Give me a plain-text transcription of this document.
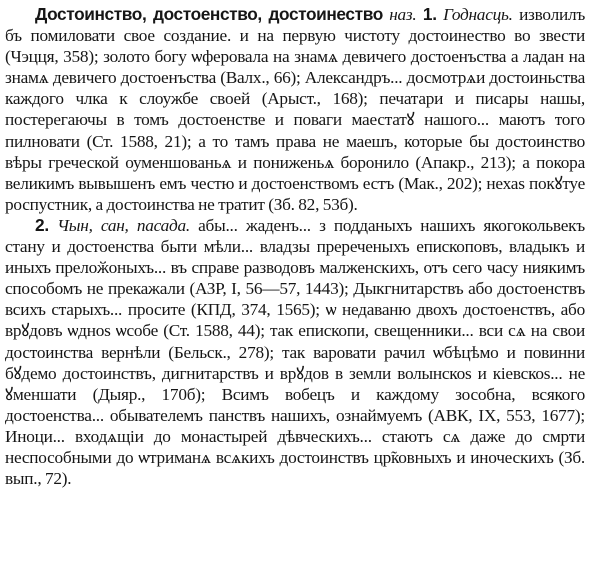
Достоинство, достоенство, достоинество наз. 1. Годнасць. изволилъ бъ помиловати свое создание. и на первую чистоту достоинество во звести (Чэцця, 358); золото богу ѡферовала на знамѧ девичего достоенъства а ладан на знамѧ девичего достоенъства (Валх., 66); Александръ... досмотрѧи достоиньства каждого члка к слоужбе своей (Арыст., 168); печатари и писары нашы, постерегаючы в томъ достоенстве и поваги маестатꙋ нашого... маютъ того пилновати (Ст. 1588, 21); а то тамъ права не маешъ, которые бы достоинство вѣры греческой оуменшованьѧ и пониженьѧ боронило (Апакр., 213); а покора великимъ вывышенъ емъ честю и достоенствомъ естъ (Мак., 202); нехаs покꙋтуе роспустник, а достоинства не тратит (Зб. 82, 53б).

2. Чын, сан, пасада. абы... жаденъ... з подданыхъ нашихъ якогокольвекъ стану и достоенства быти мѣли... владзы пререченыхъ епископовъ, владыкъ и иныхъ прелоӂоныхъ... въ справе разводовъ малженскихъ, отъ сего часу ниякимъ способомъ не прекажали (АЗР, I, 56—57, 1443); Дыкгнитарствъ або достоенствъ всихъ старыхъ... просите (КПД, 374, 1565); ѡ недаваню двохъ достоенствъ, або врꙋдовъ ѡдноs ѡсобе (Ст. 1588, 44); так епископи, свещенники... вси сѧ на свои достоинства вернѣли (Бельск., 278); так варовати рачил ѡбѣцѣмо и повинни бꙋдемо достоинствъ, дигнитарствъ и врꙋдов в земли волынскоs и кіевскоs... не ꙋменшати (Дыяр., 170б); Всимъ вобецъ и каждому зособна, всякого достоенства... обывателемъ панствъ нашихъ, ознаймуемъ (АВК, IX, 553, 1677); Иноци... входѧщіи до монастырей дѣвческихъ... стаютъ сѧ даже до смрти неспособными до ѡтриманѧ всѧкихъ достоинствъ цр̃ковныхъ и иноческихъ (Зб. вып., 72).
